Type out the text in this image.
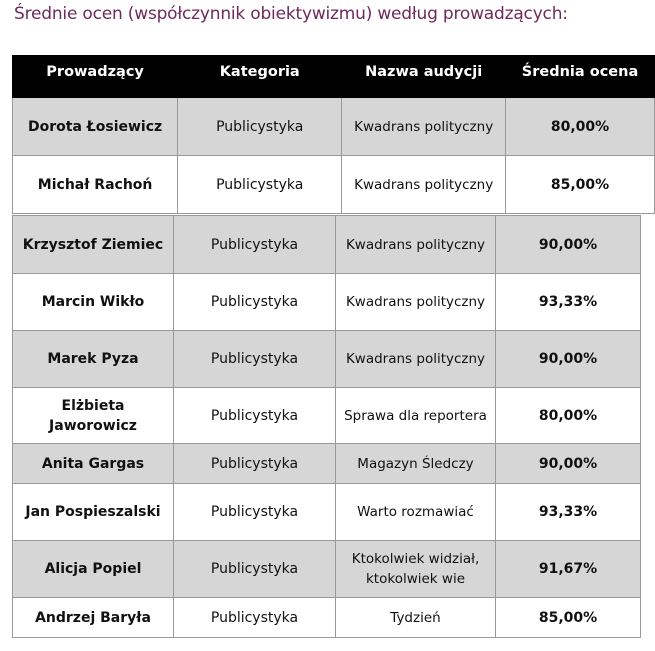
Średnie ocen (współczynnik obiektywizmu) według prowadzących:
Prowadzący	Kategoria	Nazwa audycji	Średnia ocena
Dorota Łosiewicz	Publicystyka	Kwadrans polityczny	80,00%
Michał Rachoń	Publicystyka	Kwadrans polityczny	85,00%
Krzysztof Ziemiec	Publicystyka	Kwadrans polityczny	90,00%
Marcin Wikło	Publicystyka	Kwadrans polityczny	93,33%
Marek Pyza	Publicystyka	Kwadrans polityczny	90,00%
Elżbieta Jaworowicz	Publicystyka	Sprawa dla reportera	80,00%
Anita Gargas	Publicystyka	Magazyn Śledczy	90,00%
Jan Pospieszalski	Publicystyka	Warto rozmawiać	93,33%
Alicja Popiel	Publicystyka	Ktokolwiek widział, ktokolwiek wie	91,67%
Andrzej Baryła	Publicystyka	Tydzień	85,00%
